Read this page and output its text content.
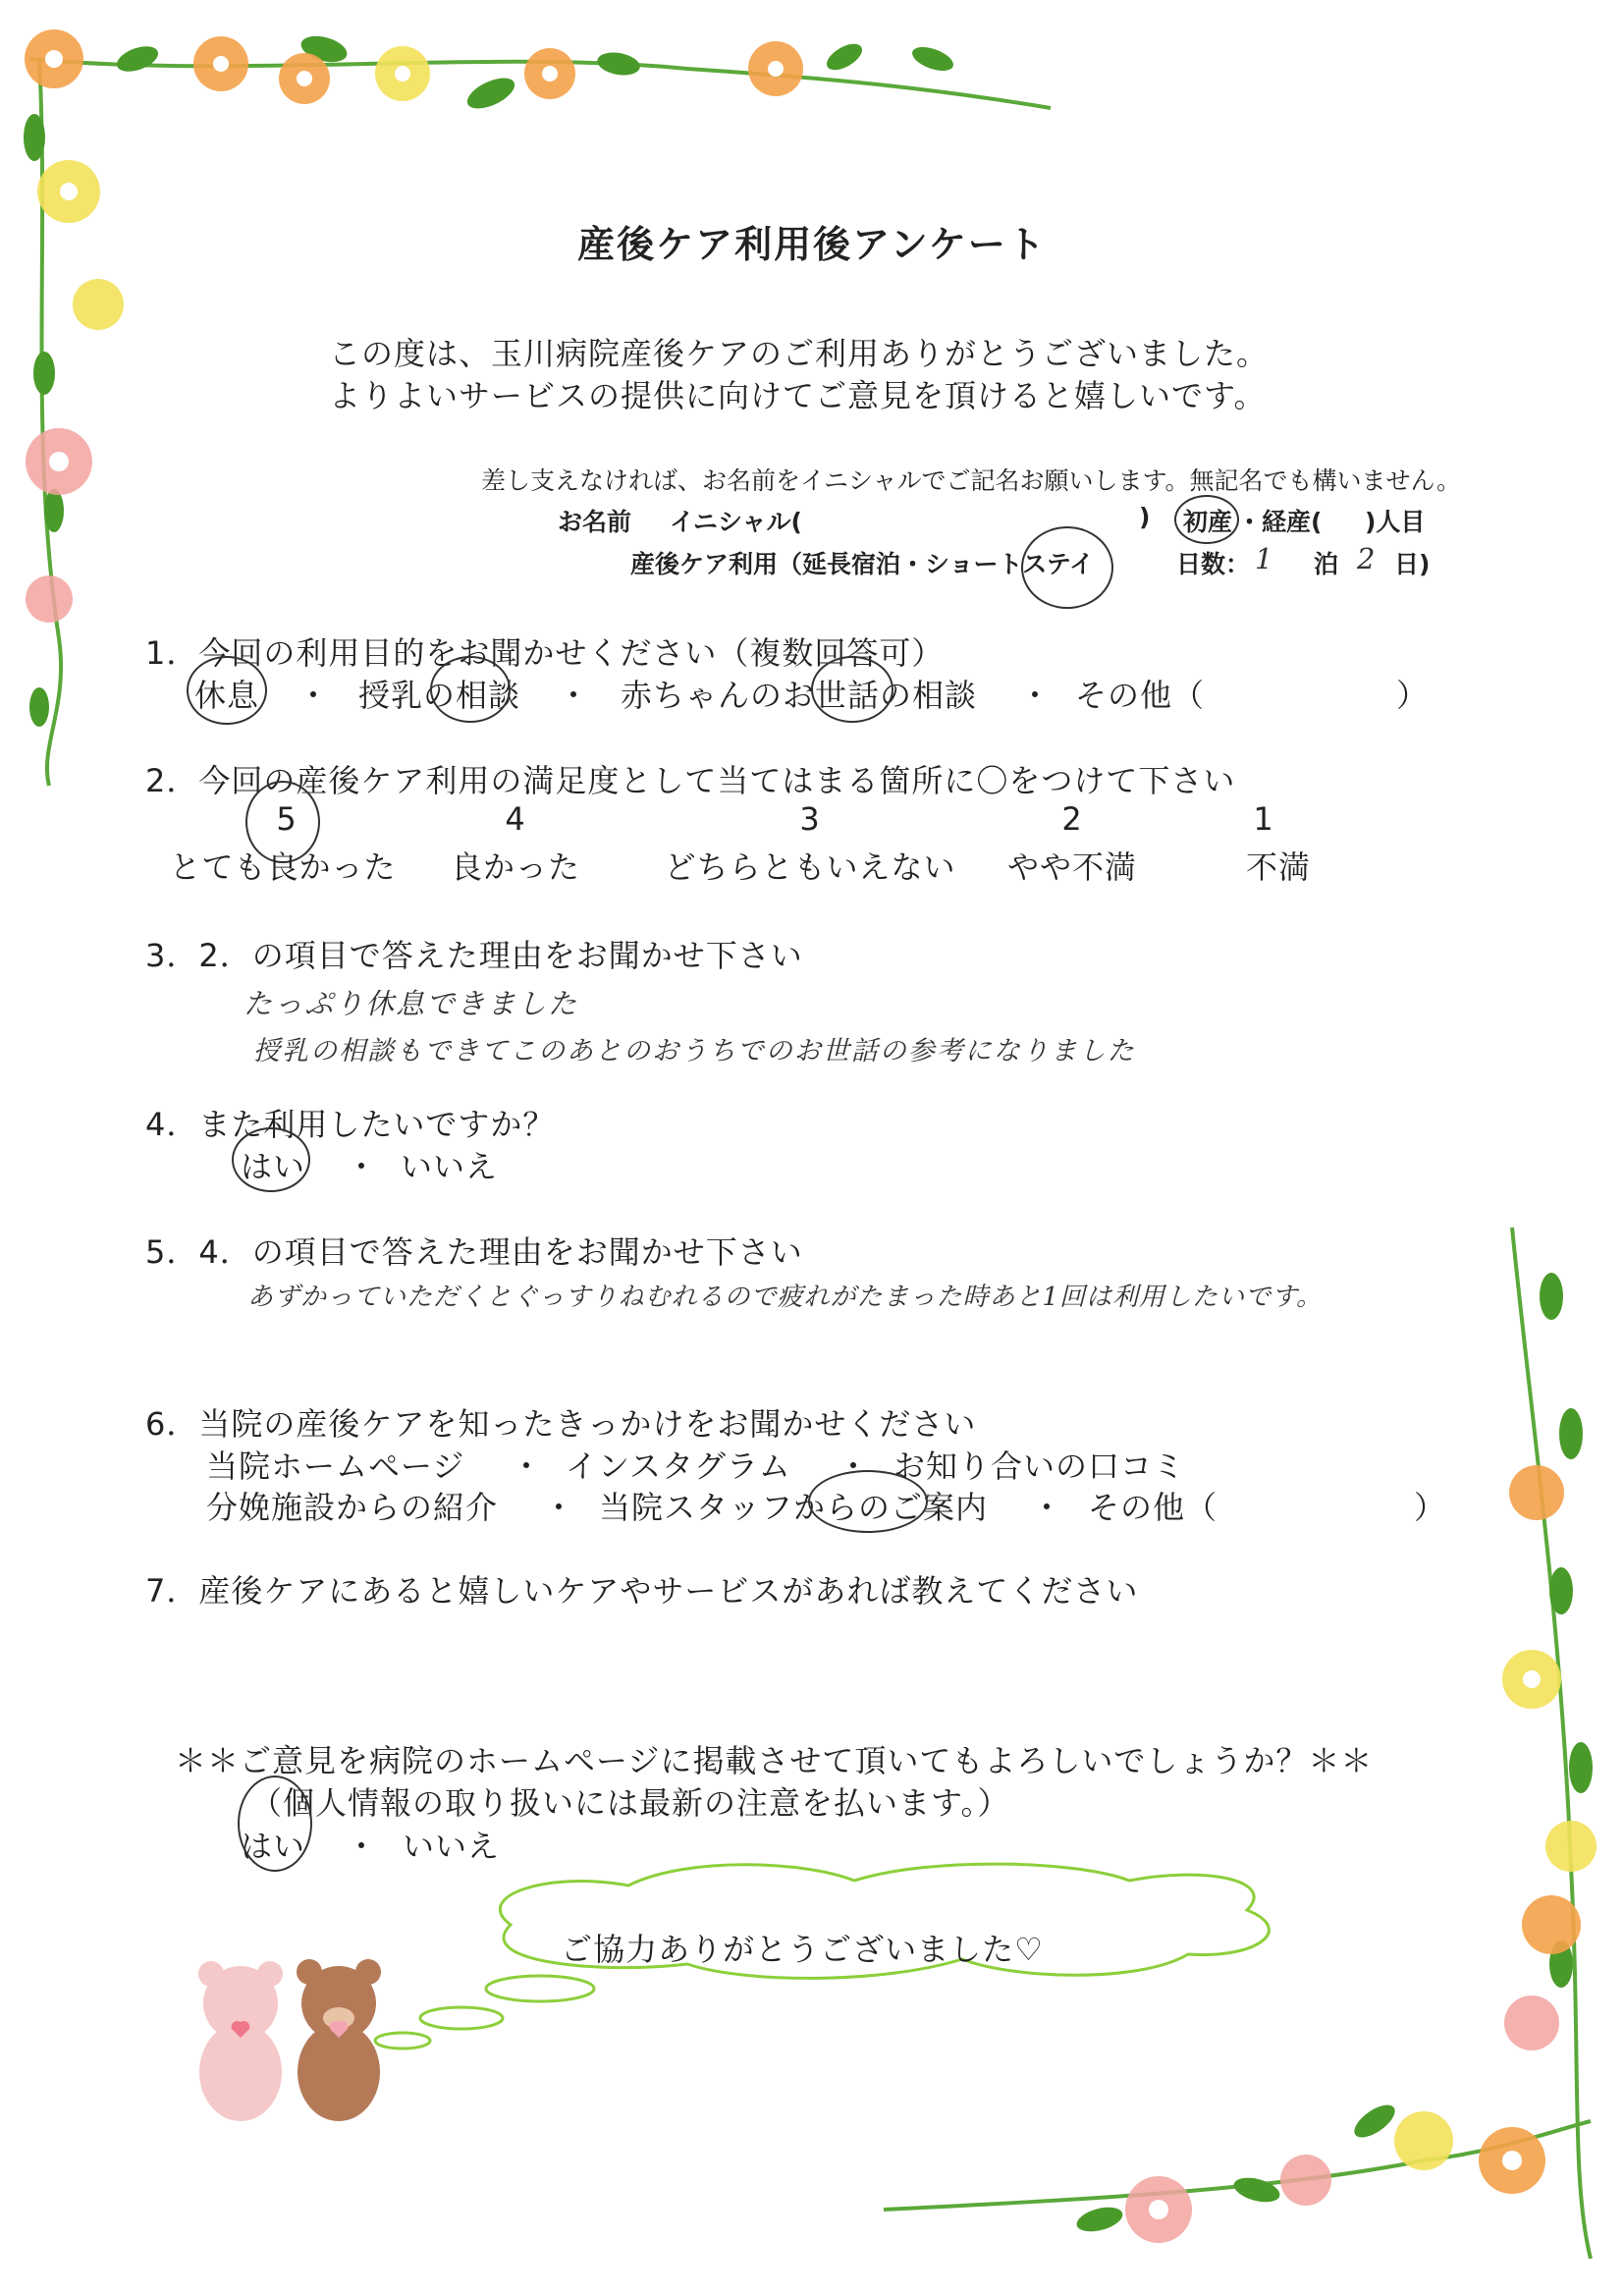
産後ケア利用後アンケート
この度は、玉川病院産後ケアのご利用ありがとうございました。
よりよいサービスの提供に向けてご意見を頂けると嬉しいです。
差し支えなければ、お名前をイニシャルでご記名お願いします。無記名でも構いません。
お名前 イニシャル(	) 初産 ・ 経産( )人目
産後ケア利用（延長宿泊・ショートステイ	日数： 1 泊 2 日)
1．今回の利用目的をお聞かせください（複数回答可）
休息 ・ 授乳の相談 ・ 赤ちゃんのお世話の相談 ・ その他（	）
2．今回の産後ケア利用の満足度として当てはまる箇所に〇をつけて下さい
5	4	3	2	1
とても良かった	良かった	どちらともいえない	やや不満	不満
3．2．の項目で答えた理由をお聞かせ下さい
たっぷり休息できました
授乳の相談もできてこのあとのおうちでのお世話の参考になりました
4．また利用したいですか？
はい ・ いいえ
5．4．の項目で答えた理由をお聞かせ下さい
あずかっていただくとぐっすりねむれるので疲れがたまった時あと1回は利用したいです。
6．当院の産後ケアを知ったきっかけをお聞かせください
当院ホームページ ・ インスタグラム ・ お知り合いの口コミ
分娩施設からの紹介 ・ 当院スタッフからのご案内 ・ その他（	）
7．産後ケアにあると嬉しいケアやサービスがあれば教えてください
＊＊ご意見を病院のホームページに掲載させて頂いてもよろしいでしょうか？＊＊
（個人情報の取り扱いには最新の注意を払います。）
はい ・ いいえ
ご協力ありがとうございました♡
